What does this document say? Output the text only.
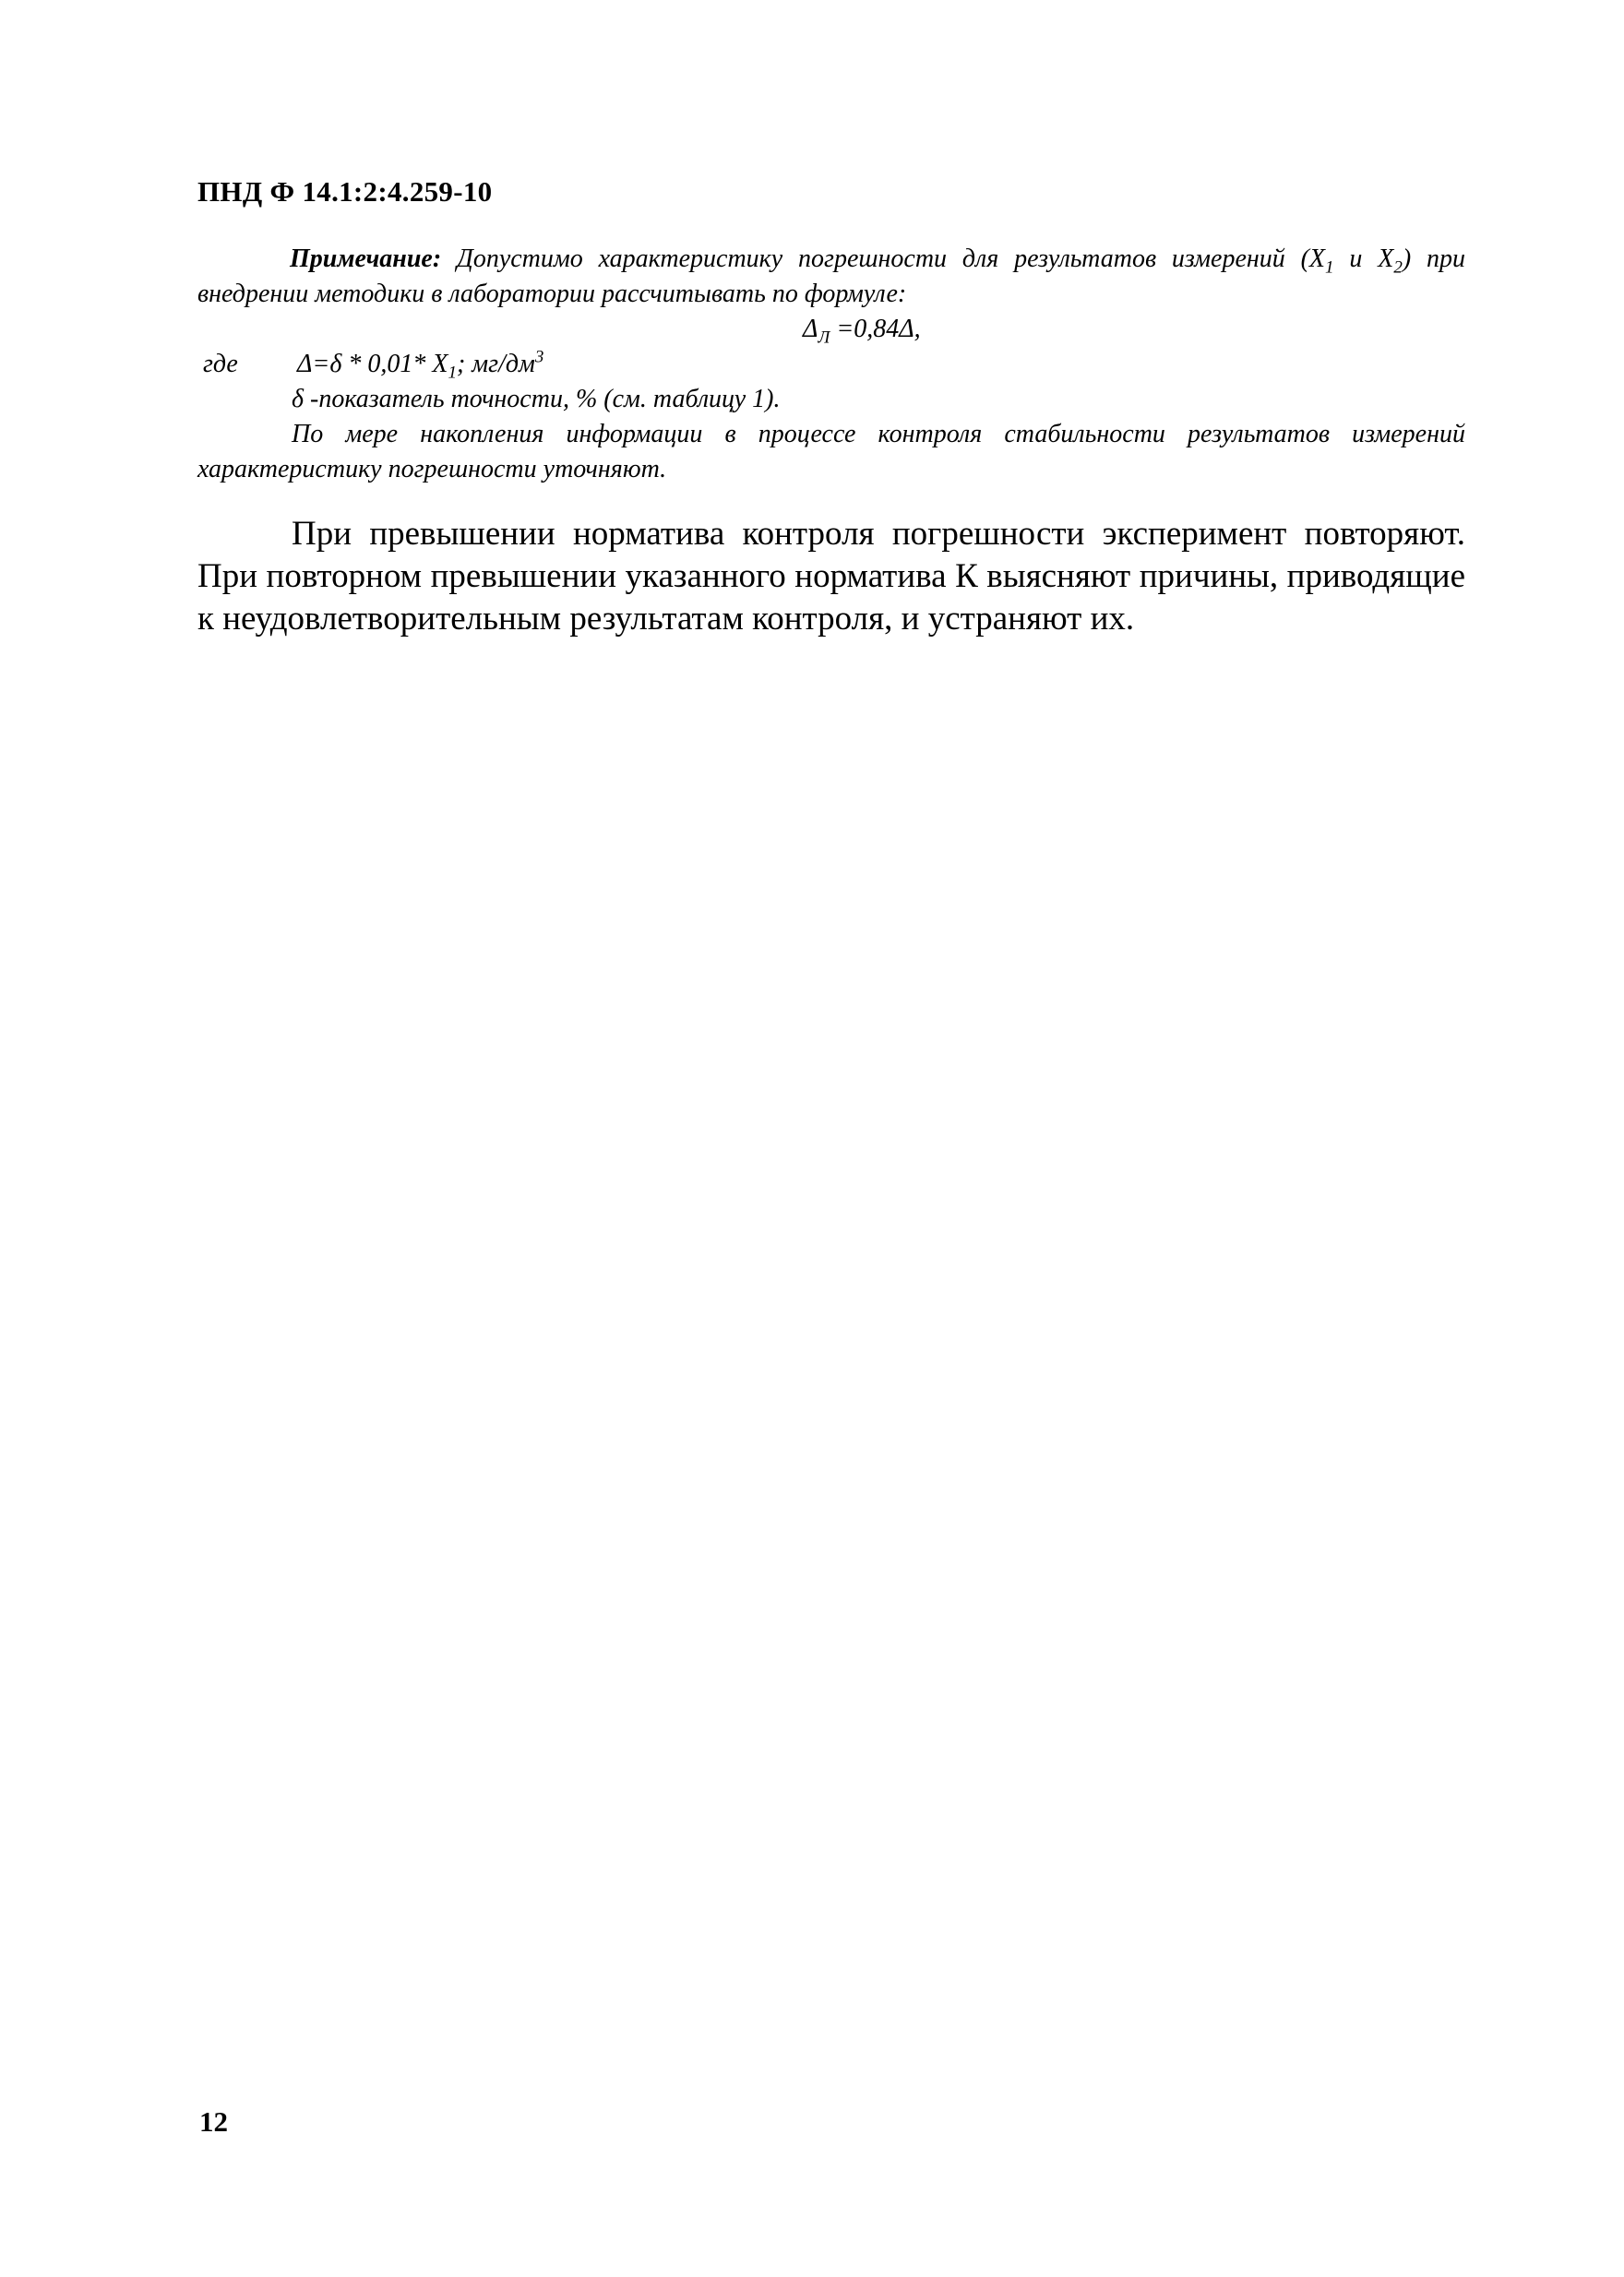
ПНД Ф 14.1:2:4.259-10

Примечание: Допустимо характеристику погрешности для результатов измерений ($X_1$ и $X_2$) при внедрении методики в лаборатории рассчитывать по формуле:

$\Delta_Л =0,84\Delta$,

где Δ=δ * 0,01* $X_1$; $мг/дм^3$

δ -показатель точности, % (см. таблицу 1).

По мере накопления информации в процессе контроля стабильности результатов измерений характеристику погрешности уточняют.

При превышении норматива контроля погрешности эксперимент повторяют. При повторном превышении указанного норматива К выясняют причины, приводящие к неудовлетворительным результатам контроля, и устраняют их.

12
